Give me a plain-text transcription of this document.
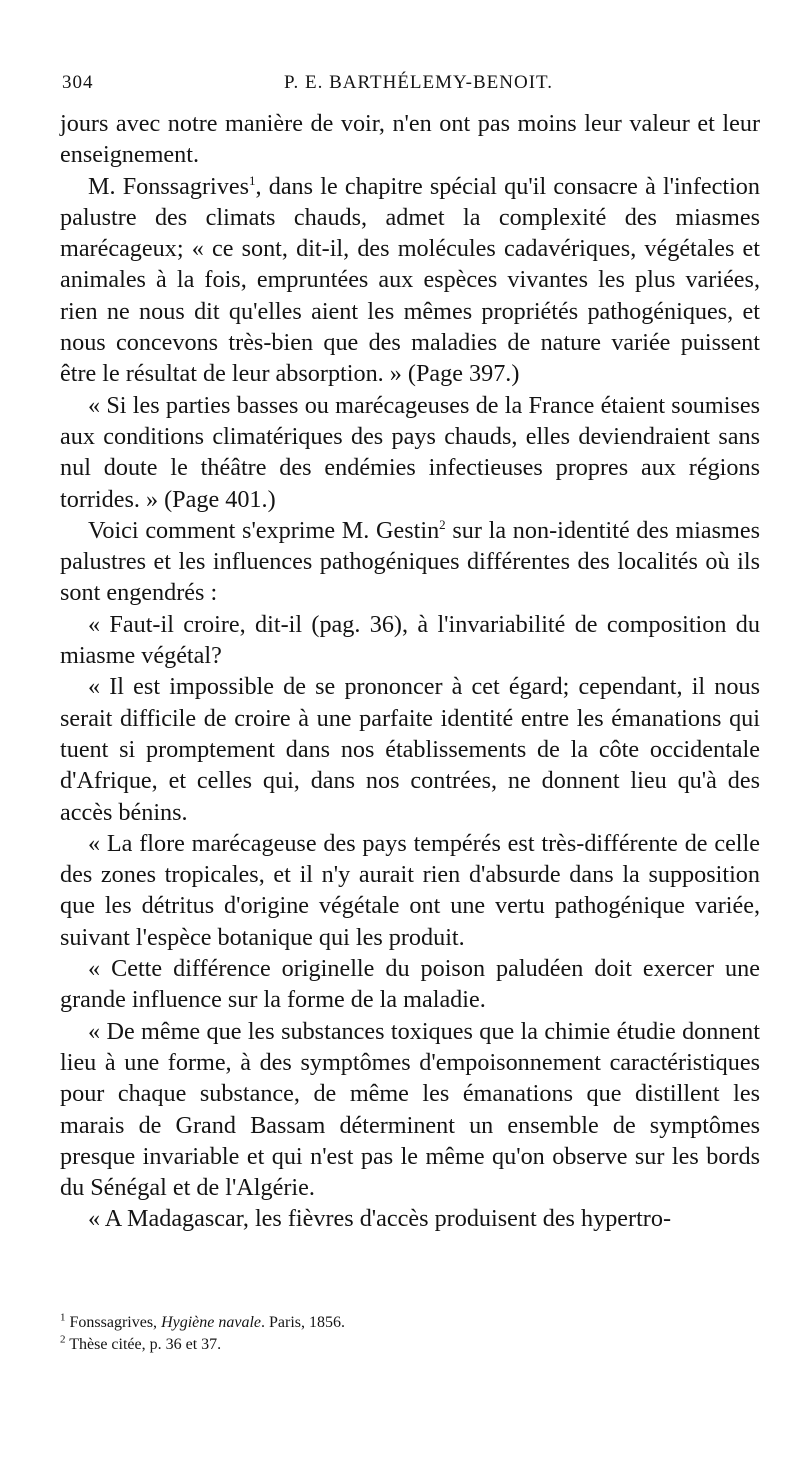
304	P. E. BARTHÉLEMY-BENOIT.

jours avec notre manière de voir, n'en ont pas moins leur valeur et leur enseignement.

M. Fonssagrives$^1$, dans le chapitre spécial qu'il consacre à l'infection palustre des climats chauds, admet la complexité des miasmes marécageux; « ce sont, dit-il, des molécules cadavériques, végétales et animales à la fois, empruntées aux espèces vivantes les plus variées, rien ne nous dit qu'elles aient les mêmes propriétés pathogéniques, et nous concevons très-bien que des maladies de nature variée puissent être le résultat de leur absorption. » (Page 397.)

« Si les parties basses ou marécageuses de la France étaient soumises aux conditions climatériques des pays chauds, elles deviendraient sans nul doute le théâtre des endémies infectieuses propres aux régions torrides. » (Page 401.)

Voici comment s'exprime M. Gestin$^2$ sur la non-identité des miasmes palustres et les influences pathogéniques différentes des localités où ils sont engendrés :

« Faut-il croire, dit-il (pag. 36), à l'invariabilité de composition du miasme végétal?

« Il est impossible de se prononcer à cet égard; cependant, il nous serait difficile de croire à une parfaite identité entre les émanations qui tuent si promptement dans nos établissements de la côte occidentale d'Afrique, et celles qui, dans nos contrées, ne donnent lieu qu'à des accès bénins.

« La flore marécageuse des pays tempérés est très-différente de celle des zones tropicales, et il n'y aurait rien d'absurde dans la supposition que les détritus d'origine végétale ont une vertu pathogénique variée, suivant l'espèce botanique qui les produit.

« Cette différence originelle du poison paludéen doit exercer une grande influence sur la forme de la maladie.

« De même que les substances toxiques que la chimie étudie donnent lieu à une forme, à des symptômes d'empoisonnement caractéristiques pour chaque substance, de même les émanations que distillent les marais de Grand Bassam déterminent un ensemble de symptômes presque invariable et qui n'est pas le même qu'on observe sur les bords du Sénégal et de l'Algérie.

« A Madagascar, les fièvres d'accès produisent des hypertro-

$^1$ Fonssagrives, Hygiène navale. Paris, 1856.

$^2$ Thèse citée, p. 36 et 37.
